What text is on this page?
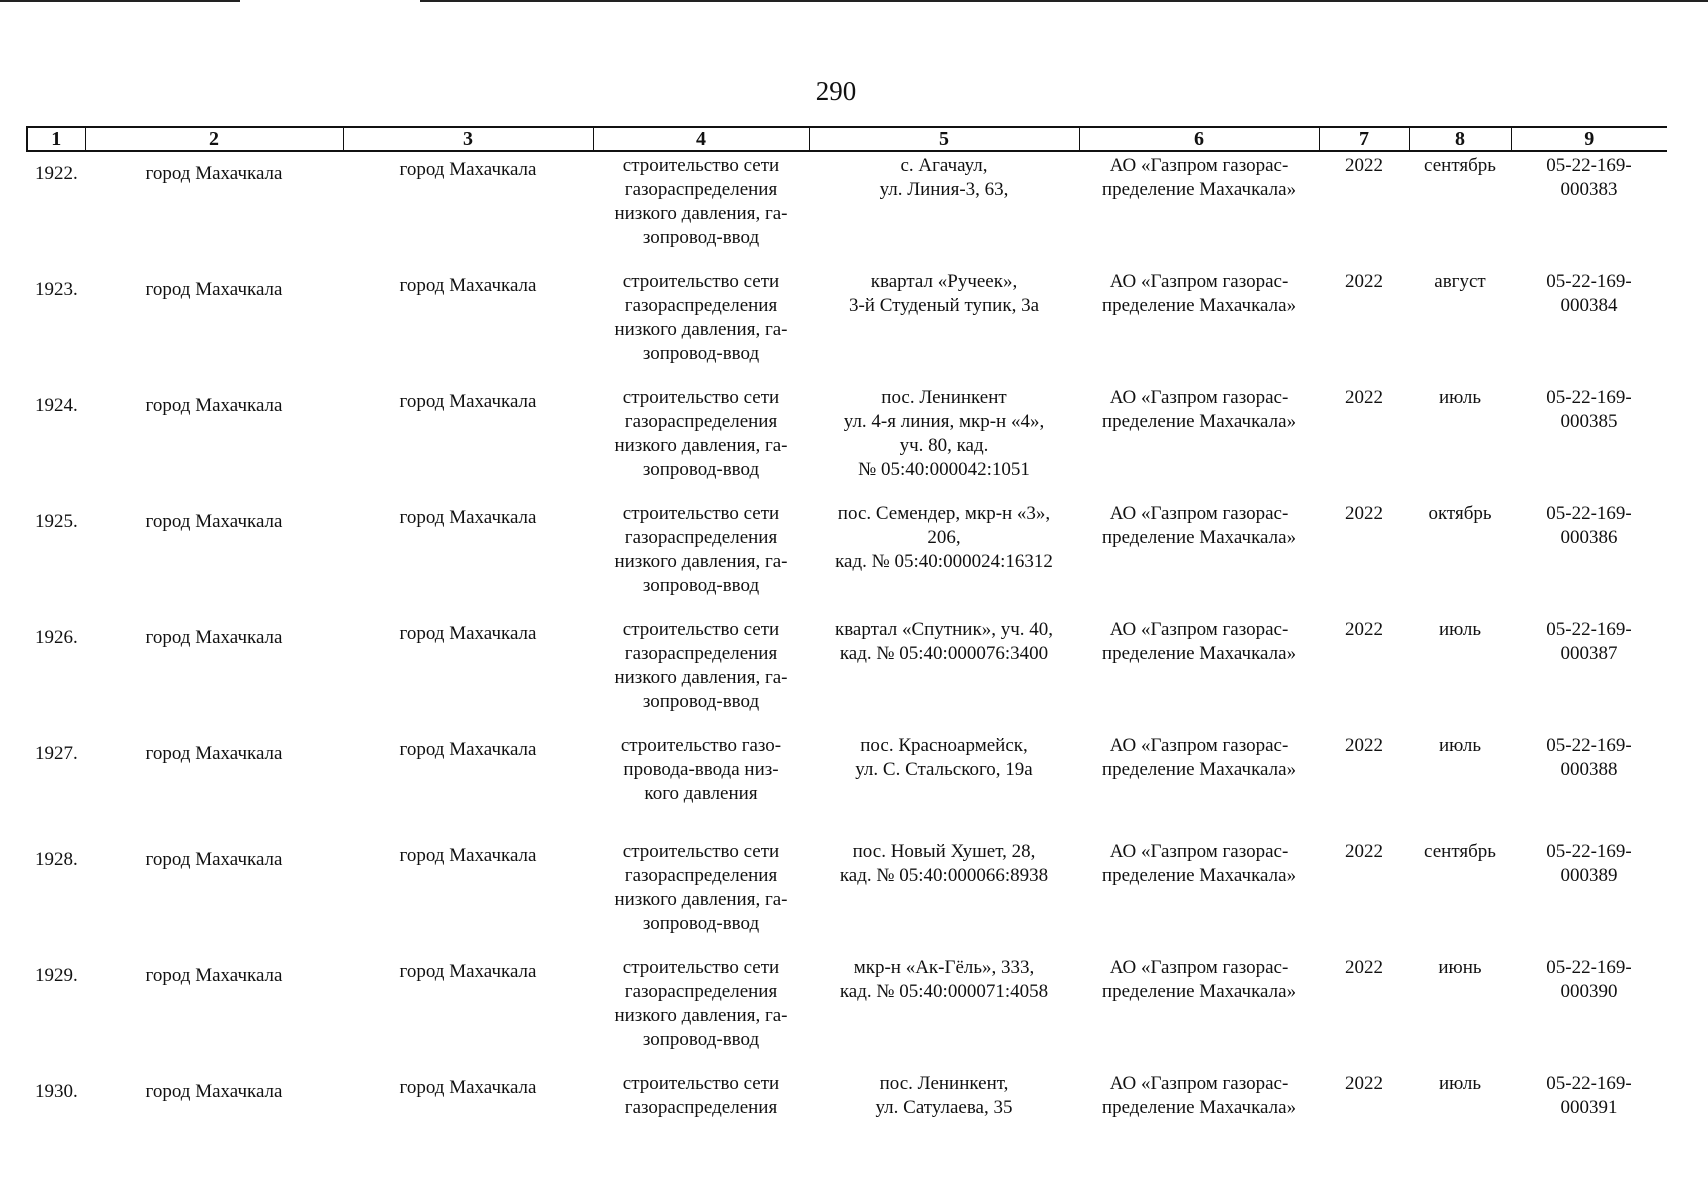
290
1	2	3	4	5	6	7	8	9
1922.	город Махачкала	город Махачкала	строительство сети
газораспределения
низкого давления, га-
зопровод-ввод	с. Агачаул,
ул. Линия-3, 63,	АО «Газпром газорас-
пределение Махачкала»	2022	сентябрь	05-22-169-
000383

1923.	город Махачкала	город Махачкала	строительство сети
газораспределения
низкого давления, га-
зопровод-ввод	квартал «Ручеек»,
3-й Студеный тупик, 3а	АО «Газпром газорас-
пределение Махачкала»	2022	август	05-22-169-
000384

1924.	город Махачкала	город Махачкала	строительство сети
газораспределения
низкого давления, га-
зопровод-ввод	пос. Ленинкент
ул. 4-я линия, мкр-н «4»,
уч. 80, кад.
№ 05:40:000042:1051	АО «Газпром газорас-
пределение Махачкала»	2022	июль	05-22-169-
000385

1925.	город Махачкала	город Махачкала	строительство сети
газораспределения
низкого давления, га-
зопровод-ввод	пос. Семендер, мкр-н «3»,
206,
кад. № 05:40:000024:16312	АО «Газпром газорас-
пределение Махачкала»	2022	октябрь	05-22-169-
000386

1926.	город Махачкала	город Махачкала	строительство сети
газораспределения
низкого давления, га-
зопровод-ввод	квартал «Спутник», уч. 40,
кад. № 05:40:000076:3400	АО «Газпром газорас-
пределение Махачкала»	2022	июль	05-22-169-
000387

1927.	город Махачкала	город Махачкала	строительство газо-
провода-ввода низ-
кого давления	пос. Красноармейск,
ул. С. Стальского, 19а	АО «Газпром газорас-
пределение Махачкала»	2022	июль	05-22-169-
000388

1928.	город Махачкала	город Махачкала	строительство сети
газораспределения
низкого давления, га-
зопровод-ввод	пос. Новый Хушет, 28,
кад. № 05:40:000066:8938	АО «Газпром газорас-
пределение Махачкала»	2022	сентябрь	05-22-169-
000389

1929.	город Махачкала	город Махачкала	строительство сети
газораспределения
низкого давления, га-
зопровод-ввод	мкр-н «Ак-Гёль», 333,
кад. № 05:40:000071:4058	АО «Газпром газорас-
пределение Махачкала»	2022	июнь	05-22-169-
000390

1930.	город Махачкала	город Махачкала	строительство сети
газораспределения	пос. Ленинкент,
ул. Сатулаева, 35	АО «Газпром газорас-
пределение Махачкала»	2022	июль	05-22-169-
000391
